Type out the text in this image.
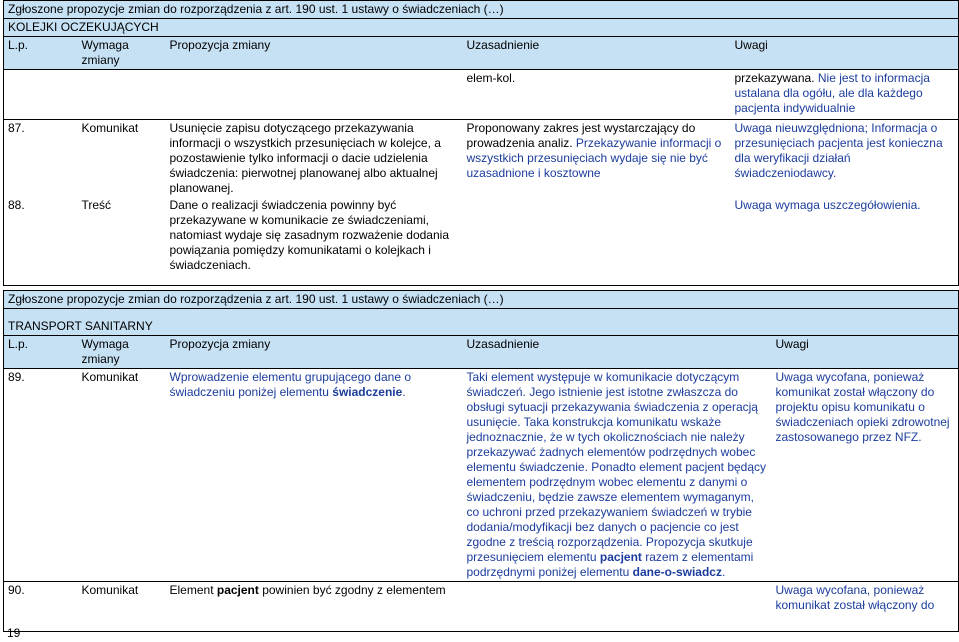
Zgłoszone propozycje zmian do rozporządzenia z art. 190 ust. 1 ustawy o świadczeniach (…)				
KOLEJKI OCZEKUJĄCYCH				
L.p.	Wymaga zmiany	Propozycja zmiany	Uzasadnienie	Uwagi
			elem-kol.	przekazywana. Nie jest to informacja ustalana dla ogółu, ale dla każdego pacjenta indywidualnie
87.	Komunikat	Usunięcie zapisu dotyczącego przekazywania informacji o wszystkich przesunięciach w kolejce, a pozostawienie tylko informacji o dacie udzielenia świadczenia: pierwotnej planowanej albo aktualnej planowanej.	Proponowany zakres jest wystarczający do prowadzenia analiz. Przekazywanie informacji o wszystkich przesunięciach wydaje się nie być uzasadnione i kosztowne	Uwaga nieuwzględniona; Informacja o przesunięciach pacjenta jest konieczna dla weryfikacji działań świadczeniodawcy.
88.	Treść	Dane o realizacji świadczenia powinny być przekazywane w komunikacie ze świadczeniami, natomiast wydaje się zasadnym rozważenie dodania powiązania pomiędzy komunikatami o kolejkach i świadczeniach.		Uwaga wymaga uszczegółowienia.
Zgłoszone propozycje zmian do rozporządzenia z art. 190 ust. 1 ustawy o świadczeniach (…)				
TRANSPORT SANITARNY				
L.p.	Wymaga zmiany	Propozycja zmiany	Uzasadnienie	Uwagi
89.	Komunikat	Wprowadzenie elementu grupującego dane o świadczeniu poniżej elementu świadczenie.	Taki element występuje w komunikacie dotyczącym świadczeń. Jego istnienie jest istotne zwłaszcza do obsługi sytuacji przekazywania świadczenia z operacją usunięcie. Taka konstrukcja komunikatu wskaże jednoznacznie, że w tych okolicznościach nie należy przekazywać żadnych elementów podrzędnych wobec elementu świadczenie. Ponadto element pacjent będący elementem podrzędnym wobec elementu z danymi o świadczeniu, będzie zawsze elementem wymaganym, co uchroni przed przekazywaniem świadczeń w trybie dodania/modyfikacji bez danych o pacjencie co jest zgodne z treścią rozporządzenia. Propozycja skutkuje przesunięciem elementu pacjent razem z elementami podrzędnymi poniżej elementu dane-o-swiadcz.	Uwaga wycofana, ponieważ komunikat został włączony do projektu opisu komunikatu o świadczeniach opieki zdrowotnej zastosowanego przez NFZ.
90.	Komunikat	Element pacjent powinien być zgodny z elementem		Uwaga wycofana, ponieważ komunikat został włączony do
19
